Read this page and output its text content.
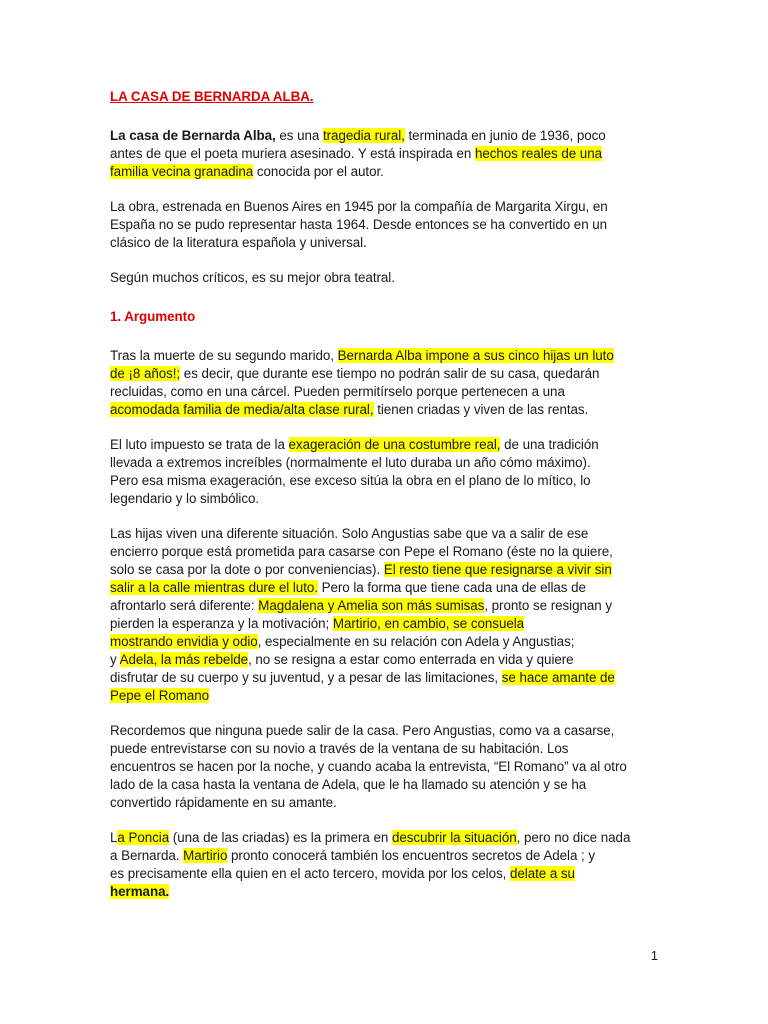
LA CASA DE BERNARDA ALBA.

La casa de Bernarda Alba, es una tragedia rural, terminada en junio de 1936, poco

antes de que el poeta muriera asesinado. Y está inspirada en hechos reales de una

familia vecina granadina conocida por el autor.

La obra, estrenada en Buenos Aires en 1945 por la compañía de Margarita Xirgu, en

España no se pudo representar hasta 1964. Desde entonces se ha convertido en un

clásico de la literatura española y universal.

Según muchos críticos, es su mejor obra teatral.

1. Argumento

Tras la muerte de su segundo marido, Bernarda Alba impone a sus cinco hijas un luto

de ¡8 años!; es decir, que durante ese tiempo no podrán salir de su casa, quedarán

recluidas, como en una cárcel. Pueden permitírselo porque pertenecen a una

acomodada familia de media/alta clase rural, tienen criadas y viven de las rentas.

El luto impuesto se trata de la exageración de una costumbre real, de una tradición

llevada a extremos increíbles (normalmente el luto duraba un año cómo máximo).

Pero esa misma exageración, ese exceso sitúa la obra en el plano de lo mítico, lo

legendario y lo simbólico.

Las hijas viven una diferente situación. Solo Angustias sabe que va a salir de ese

encierro porque está prometida para casarse con Pepe el Romano (éste no la quiere,

solo se casa por la dote o por conveniencias). El resto tiene que resignarse a vivir sin

salir a la calle mientras dure el luto. Pero la forma que tiene cada una de ellas de

afrontarlo será diferente: Magdalena y Amelia son más sumisas, pronto se resignan y

pierden la esperanza y la motivación; Martirio, en cambio, se consuela

mostrando envidia y odio, especialmente en su relación con Adela y Angustias;

y Adela, la más rebelde, no se resigna a estar como enterrada en vida y quiere

disfrutar de su cuerpo y su juventud, y a pesar de las limitaciones, se hace amante de

Pepe el Romano

Recordemos que ninguna puede salir de la casa. Pero Angustias, como va a casarse,

puede entrevistarse con su novio a través de la ventana de su habitación. Los

encuentros se hacen por la noche, y cuando acaba la entrevista, “El Romano” va al otro

lado de la casa hasta la ventana de Adela, que le ha llamado su atención y se ha

convertido rápidamente en su amante.

La Poncia (una de las criadas) es la primera en descubrir la situación, pero no dice nada

a Bernarda. Martirio pronto conocerá también los encuentros secretos de Adela ; y

es precisamente ella quien en el acto tercero, movida por los celos, delate a su

hermana.

1
